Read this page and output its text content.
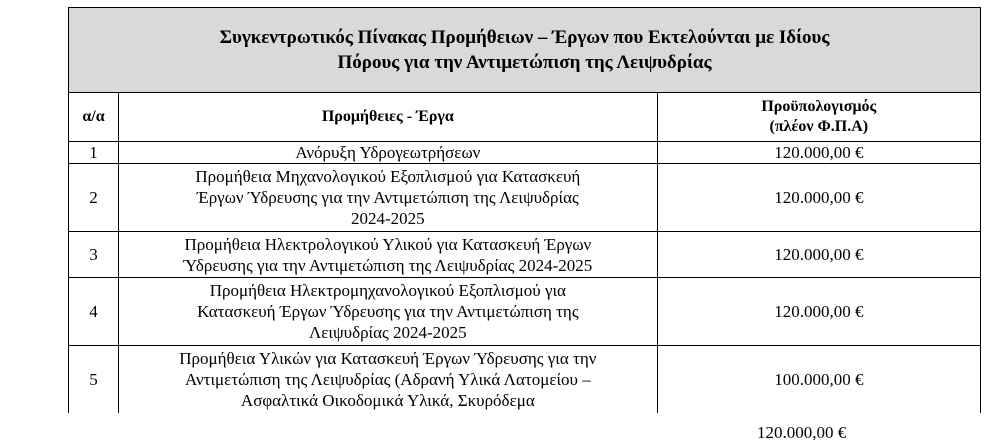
Συγκεντρωτικός Πίνακας Προμήθειων – Έργων που Εκτελούνται με Ιδίους
Πόρους για την Αντιμετώπιση της Λειψυδρίας		

α/α	Προμήθειες - Έργα	Προϋπολογισμός
(πλέον Φ.Π.Α)

1	Ανόρυξη Υδρογεωτρήσεων	120.000,00 €
2	Προμήθεια Μηχανολογικού Εξοπλισμού για Κατασκευή
Έργων Ύδρευσης για την Αντιμετώπιση της Λειψυδρίας
2024-2025	120.000,00 €
3	Προμήθεια Ηλεκτρολογικού Υλικού για Κατασκευή Έργων
Ύδρευσης για την Αντιμετώπιση της Λειψυδρίας 2024-2025	120.000,00 €
4	Προμήθεια Ηλεκτρομηχανολογικού Εξοπλισμού για
Κατασκευή Έργων Ύδρευσης για την Αντιμετώπιση της
Λειψυδρίας 2024-2025	120.000,00 €
5	Προμήθεια Υλικών για Κατασκευή Έργων Ύδρευσης για την
Αντιμετώπιση της Λειψυδρίας (Αδρανή Υλικά Λατομείου –
Ασφαλτικά Οικοδομικά Υλικά, Σκυρόδεμα	100.000,00 €
120.000,00 €
